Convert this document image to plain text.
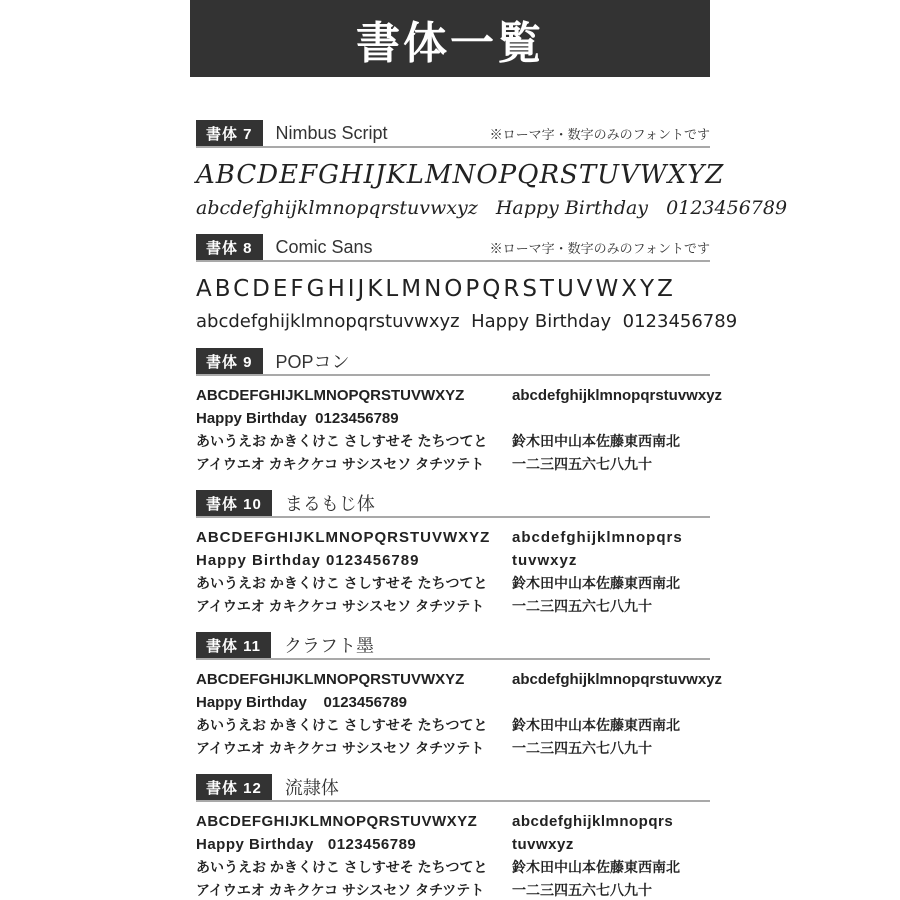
書体一覧
書体 7	Nimbus Script	※ローマ字・数字のみのフォントです
ABCDEFGHIJKLMNOPQRSTUVWXYZ
abcdefghijklmnopqrstuvwxyz   Happy Birthday   0123456789
書体 8	Comic Sans	※ローマ字・数字のみのフォントです
ABCDEFGHIJKLMNOPQRSTUVWXYZ
abcdefghijklmnopqrstuvwxyz  Happy Birthday  0123456789
書体 9	POPコン
ABCDEFGHIJKLMNOPQRSTUVWXYZ	abcdefghijklmnopqrstuvwxyz
Happy Birthday  0123456789
あいうえお かきくけこ さしすせそ たちつてと	鈴木田中山本佐藤東西南北
アイウエオ カキクケコ サシスセソ タチツテト	一二三四五六七八九十
書体 10	まるもじ体
ABCDEFGHIJKLMNOPQRSTUVWXYZ	abcdefghijklmnopqrs
Happy Birthday 0123456789	tuvwxyz
あいうえお かきくけこ さしすせそ たちつてと	鈴木田中山本佐藤東西南北
アイウエオ カキクケコ サシスセソ タチツテト	一二三四五六七八九十
書体 11	クラフト墨
ABCDEFGHIJKLMNOPQRSTUVWXYZ	abcdefghijklmnopqrstuvwxyz
Happy Birthday    0123456789
あいうえお かきくけこ さしすせそ たちつてと	鈴木田中山本佐藤東西南北
アイウエオ カキクケコ サシスセソ タチツテト	一二三四五六七八九十
書体 12	流隷体
ABCDEFGHIJKLMNOPQRSTUVWXYZ	abcdefghijklmnopqrs
Happy Birthday   0123456789	tuvwxyz
あいうえお かきくけこ さしすせそ たちつてと	鈴木田中山本佐藤東西南北
アイウエオ カキクケコ サシスセソ タチツテト	一二三四五六七八九十
